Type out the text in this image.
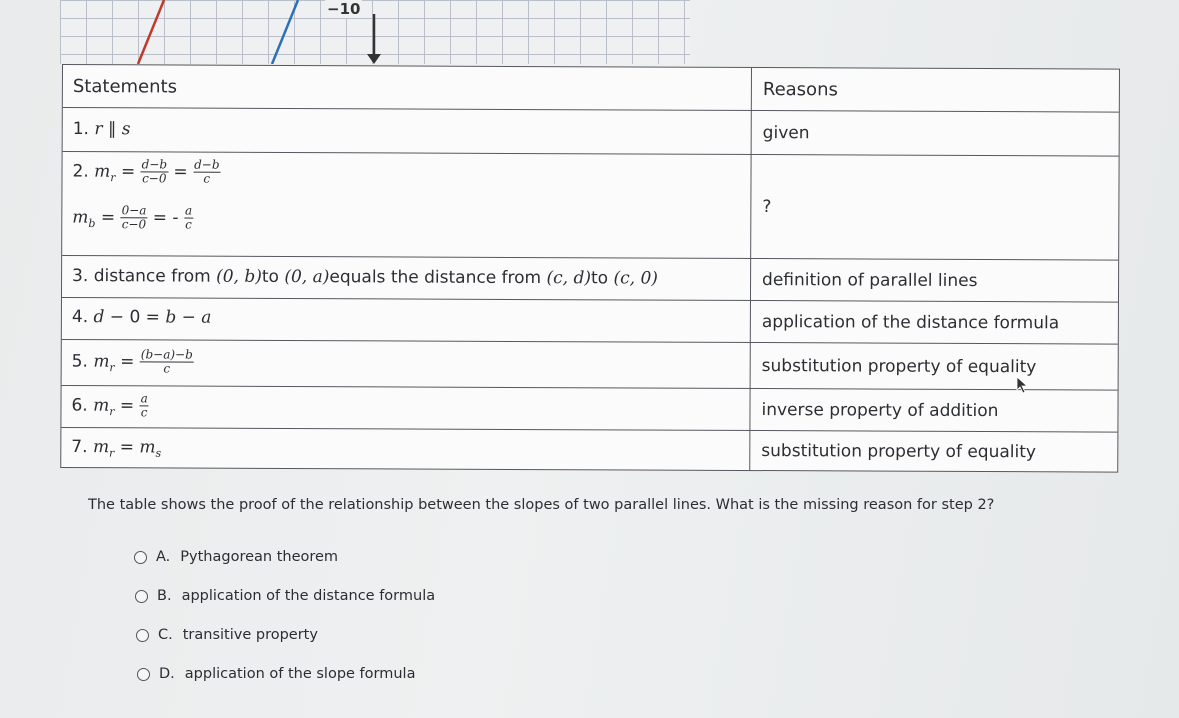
−10
Statements	Reasons
1. r ∥ s	given
2. $m_r = \frac{d-b}{c-0} = \frac{d-b}{c}$
$m_b = \frac{0-a}{c-0}$ = - $\frac{a}{c}$	?
3. distance from (0, b)to (0, a)equals the distance from (c, d)to (c, 0)	definition of parallel lines
4. d − 0 = b − a	application of the distance formula
5. $m_r = \frac{(b-a)-b}{c}$	substitution property of equality
6. $m_r = \frac{a}{c}$	inverse property of addition
7. $m_r = m_s$	substitution property of equality
The table shows the proof of the relationship between the slopes of two parallel lines. What is the missing reason for step 2?
A. Pythagorean theorem
B. application of the distance formula
C. transitive property
D. application of the slope formula
